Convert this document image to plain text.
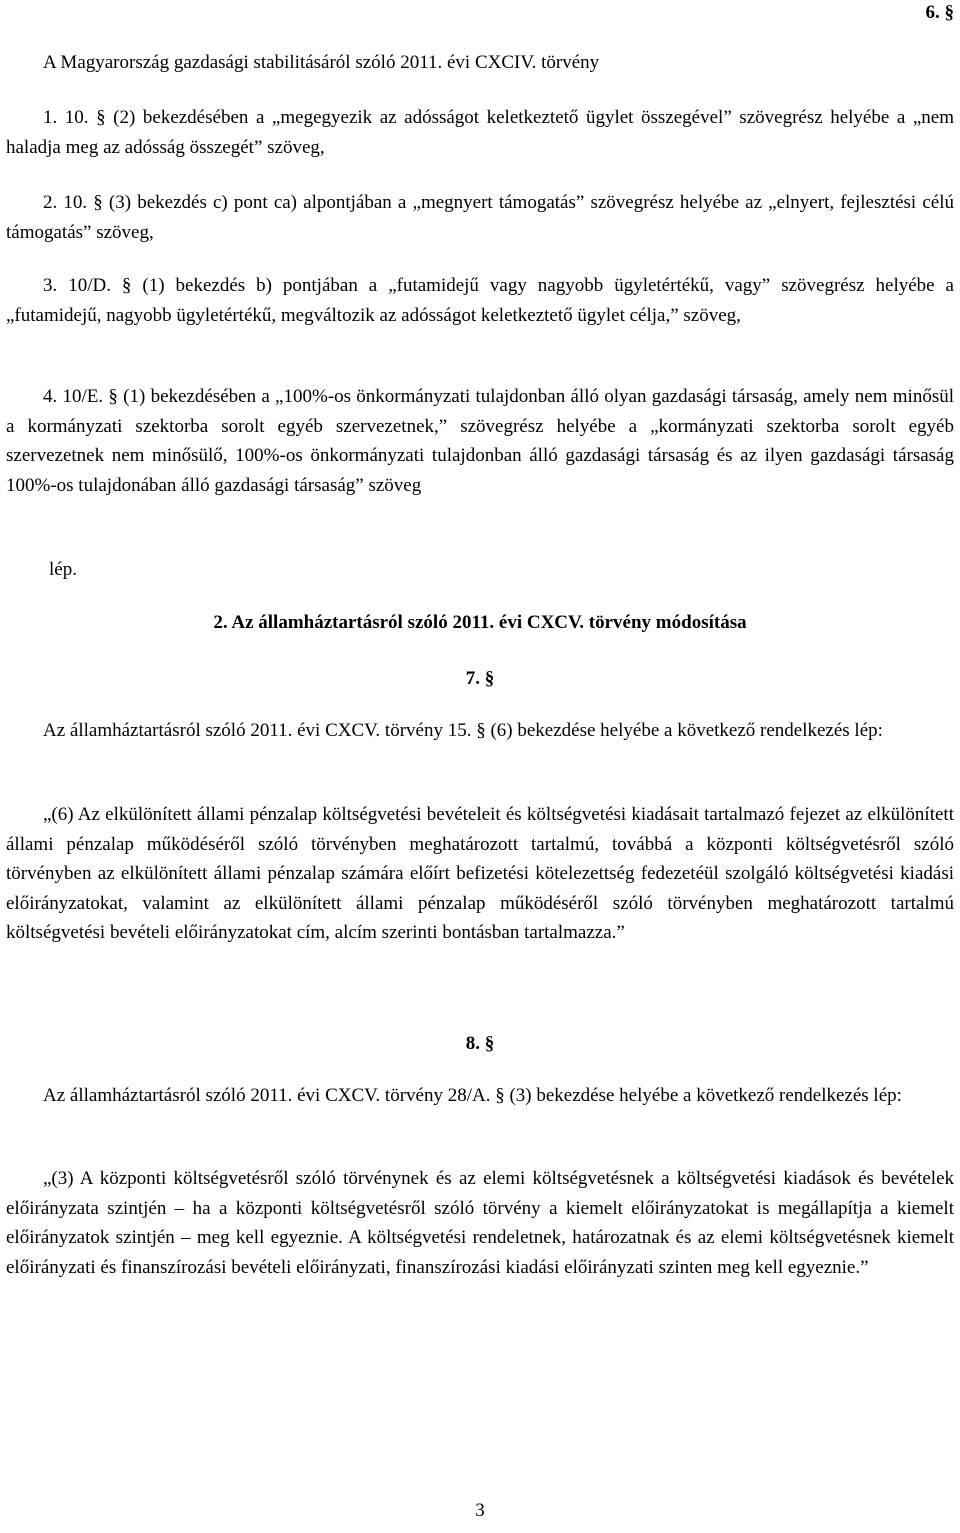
6. §

A Magyarország gazdasági stabilitásáról szóló 2011. évi CXCIV. törvény

1. 10. § (2) bekezdésében a „megegyezik az adósságot keletkeztető ügylet összegével” szövegrész helyébe a „nem haladja meg az adósság összegét” szöveg,

2. 10. § (3) bekezdés c) pont ca) alpontjában a „megnyert támogatás” szövegrész helyébe az „elnyert, fejlesztési célú támogatás” szöveg,

3. 10/D. § (1) bekezdés b) pontjában a „futamidejű vagy nagyobb ügyletértékű, vagy” szövegrész helyébe a „futamidejű, nagyobb ügyletértékű, megváltozik az adósságot keletkeztető ügylet célja,” szöveg,

4. 10/E. § (1) bekezdésében a „100%-os önkormányzati tulajdonban álló olyan gazdasági társaság, amely nem minősül a kormányzati szektorba sorolt egyéb szervezetnek,” szövegrész helyébe a „kormányzati szektorba sorolt egyéb szervezetnek nem minősülő, 100%-os önkormányzati tulajdonban álló gazdasági társaság és az ilyen gazdasági társaság 100%-os tulajdonában álló gazdasági társaság” szöveg

lép.

2. Az államháztartásról szóló 2011. évi CXCV. törvény módosítása

7. §

Az államháztartásról szóló 2011. évi CXCV. törvény 15. § (6) bekezdése helyébe a következő rendelkezés lép:

„(6) Az elkülönített állami pénzalap költségvetési bevételeit és költségvetési kiadásait tartalmazó fejezet az elkülönített állami pénzalap működéséről szóló törvényben meghatározott tartalmú, továbbá a központi költségvetésről szóló törvényben az elkülönített állami pénzalap számára előírt befizetési kötelezettség fedezetéül szolgáló költségvetési kiadási előirányzatokat, valamint az elkülönített állami pénzalap működéséről szóló törvényben meghatározott tartalmú költségvetési bevételi előirányzatokat cím, alcím szerinti bontásban tartalmazza.”

8. §

Az államháztartásról szóló 2011. évi CXCV. törvény 28/A. § (3) bekezdése helyébe a következő rendelkezés lép:

„(3) A központi költségvetésről szóló törvénynek és az elemi költségvetésnek a költségvetési kiadások és bevételek előirányzata szintjén – ha a központi költségvetésről szóló törvény a kiemelt előirányzatokat is megállapítja a kiemelt előirányzatok szintjén – meg kell egyeznie. A költségvetési rendeletnek, határozatnak és az elemi költségvetésnek kiemelt előirányzati és finanszírozási bevételi előirányzati, finanszírozási kiadási előirányzati szinten meg kell egyeznie.”

3
